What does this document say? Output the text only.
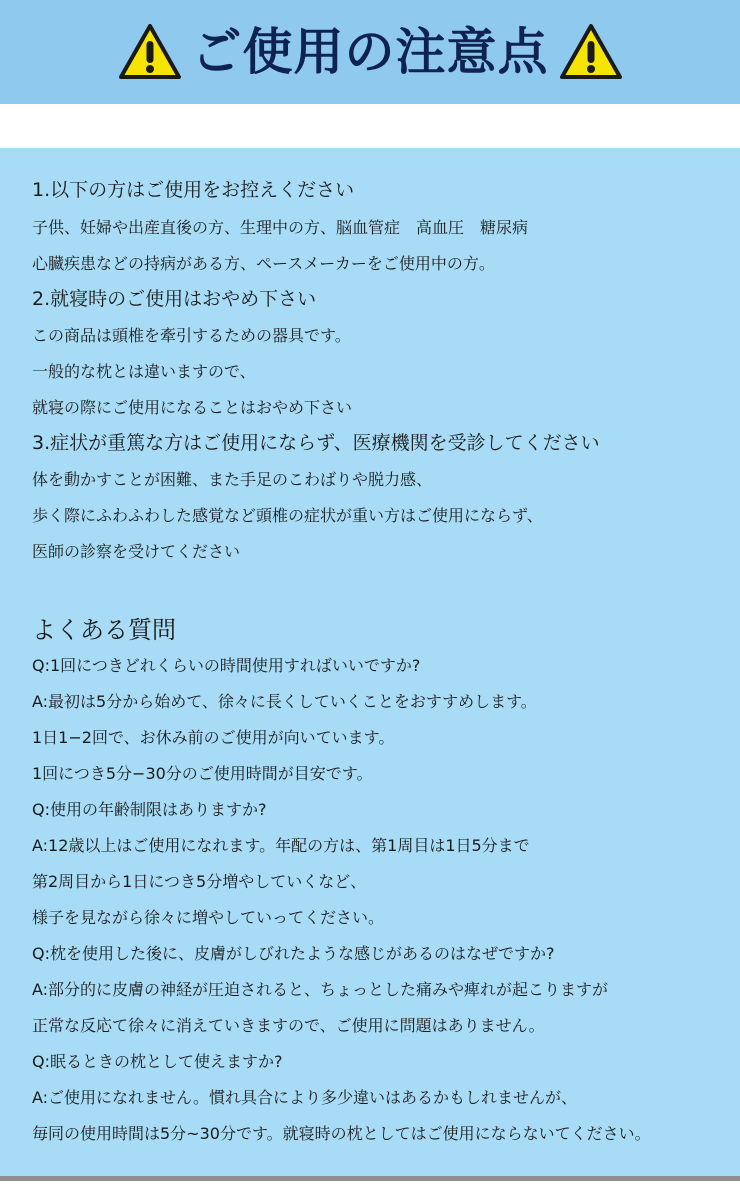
ご使用の注意点
1.以下の方はご使用をお控えください
子供、妊婦や出産直後の方、生理中の方、脳血管症　高血圧　糖尿病
心臓疾患などの持病がある方、ペースメーカーをご使用中の方。
2.就寝時のご使用はおやめ下さい
この商品は頭椎を牽引するための器具です。
一般的な枕とは違いますので、
就寝の際にご使用になることはおやめ下さい
3.症状が重篤な方はご使用にならず、医療機関を受診してください
体を動かすことが困難、また手足のこわばりや脱力感、
歩く際にふわふわした感覚など頭椎の症状が重い方はご使用にならず、
医師の診察を受けてください
よくある質問
Q:1回につきどれくらいの時間使用すればいいですか?
A:最初は5分から始めて、徐々に長くしていくことをおすすめします。
1日1−2回で、お休み前のご使用が向いています。
1回につき5分−30分のご使用時間が目安です。
Q:使用の年齢制限はありますか?
A:12歳以上はご使用になれます。年配の方は、第1周目は1日5分まで
第2周目から1日につき5分増やしていくなど、
様子を見ながら徐々に増やしていってください。
Q:枕を使用した後に、皮膚がしびれたような感じがあるのはなぜですか?
A:部分的に皮膚の神経が圧迫されると、ちょっとした痛みや痺れが起こりますが
正常な反応て徐々に消えていきますので、ご使用に問題はありません。
Q:眠るときの枕として使えますか?
A:ご使用になれません。慣れ具合により多少違いはあるかもしれませんが、
毎同の使用時間は5分~30分です。就寝時の枕としてはご使用にならないてください。
